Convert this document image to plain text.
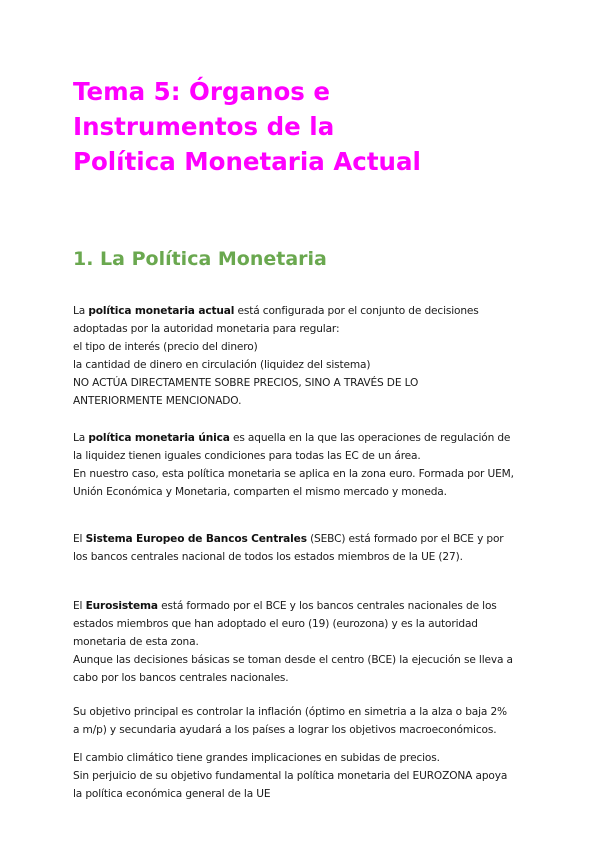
Tema 5: Órganos e
Instrumentos de la
Política Monetaria Actual
1. La Política Monetaria
La política monetaria actual está configurada por el conjunto de decisiones
adoptadas por la autoridad monetaria para regular:
el tipo de interés (precio del dinero)
la cantidad de dinero en circulación (liquidez del sistema)
NO ACTÚA DIRECTAMENTE SOBRE PRECIOS, SINO A TRAVÉS DE LO
ANTERIORMENTE MENCIONADO.
La política monetaria única es aquella en la que las operaciones de regulación de
la liquidez tienen iguales condiciones para todas las EC de un área.
En nuestro caso, esta política monetaria se aplica en la zona euro. Formada por UEM,
Unión Económica y Monetaria, comparten el mismo mercado y moneda.
El Sistema Europeo de Bancos Centrales (SEBC) está formado por el BCE y por
los bancos centrales nacional de todos los estados miembros de la UE (27).
El Eurosistema está formado por el BCE y los bancos centrales nacionales de los
estados miembros que han adoptado el euro (19) (eurozona) y es la autoridad
monetaria de esta zona.
Aunque las decisiones básicas se toman desde el centro (BCE) la ejecución se lleva a
cabo por los bancos centrales nacionales.
Su objetivo principal es controlar la inflación (óptimo en simetria a la alza o baja 2%
a m/p) y secundaria ayudará a los países a lograr los objetivos macroeconómicos.
El cambio climático tiene grandes implicaciones en subidas de precios.
Sin perjuicio de su objetivo fundamental la política monetaria del EUROZONA apoya
la política económica general de la UE
